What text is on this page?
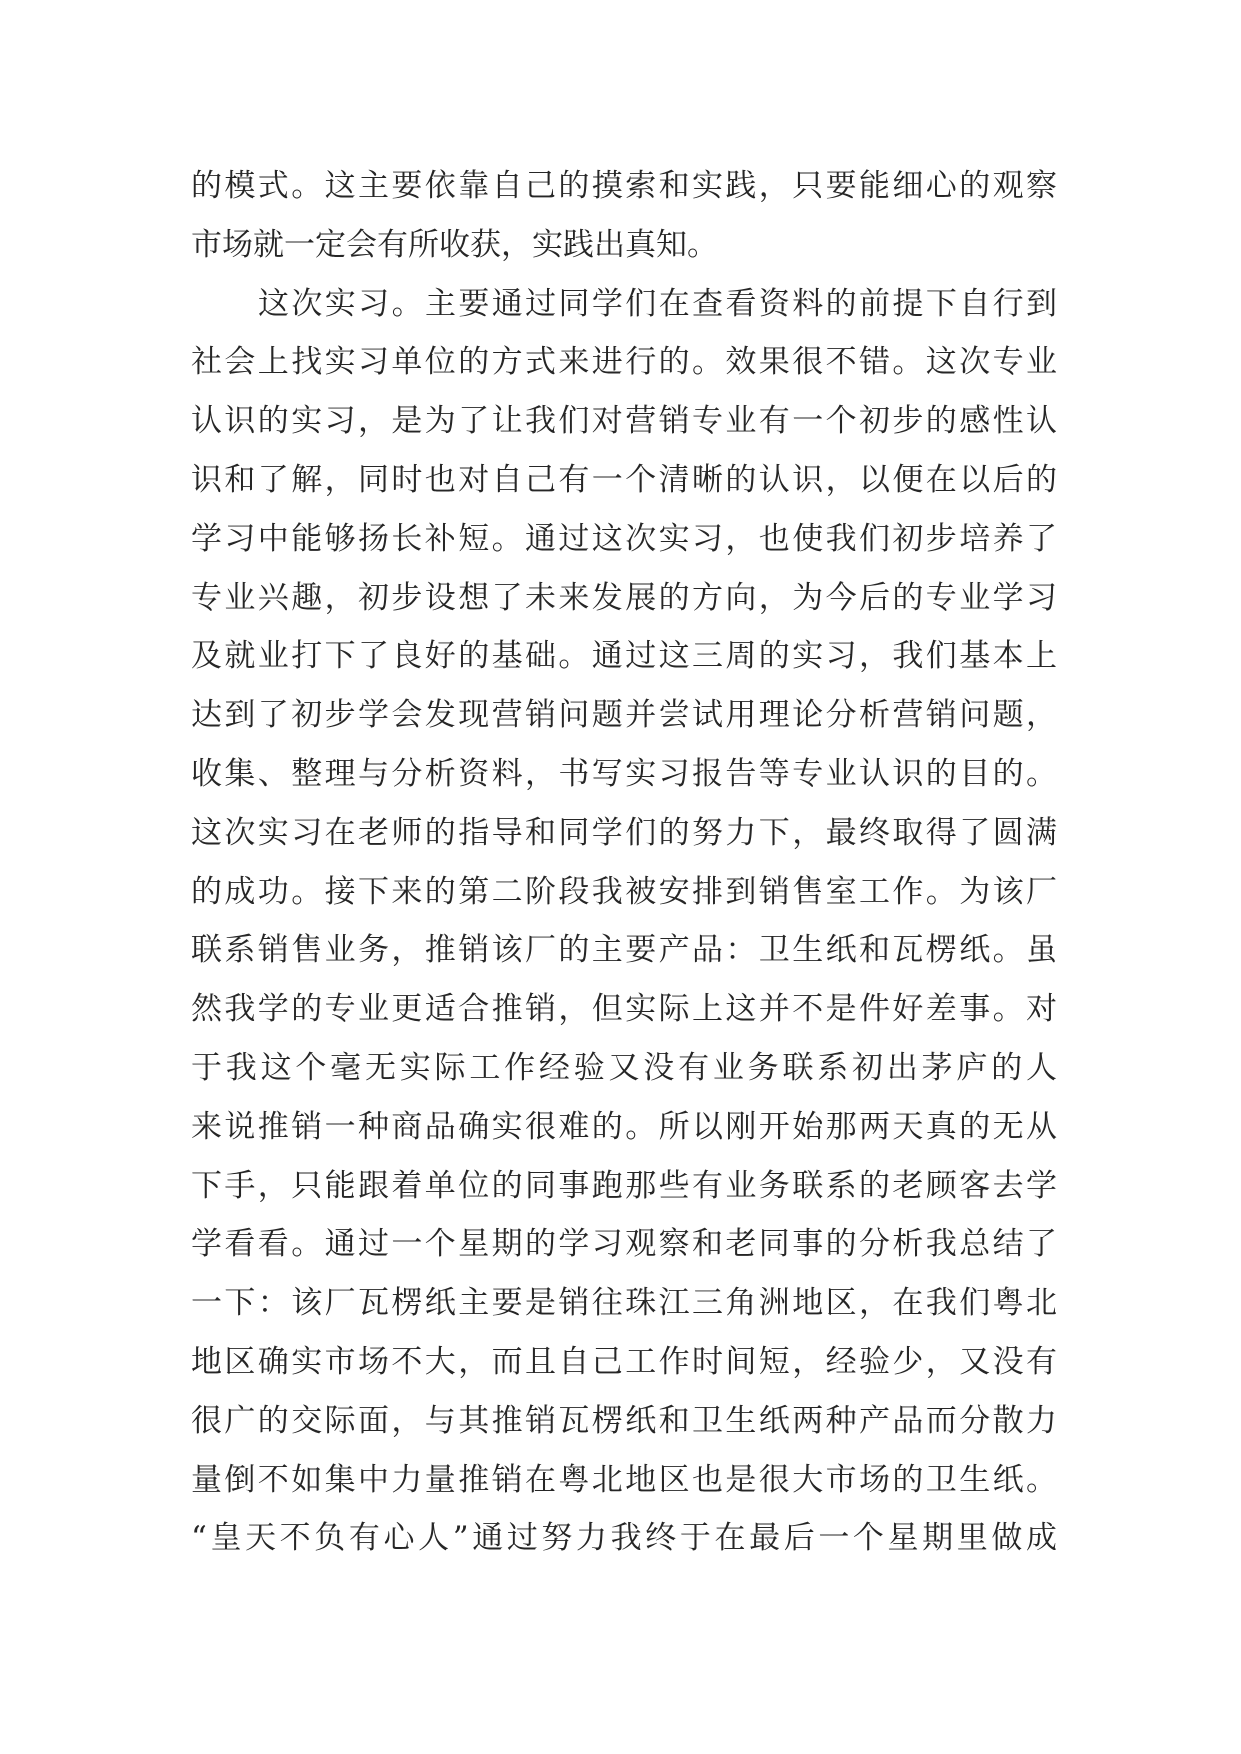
的模式。这主要依靠自己的摸索和实践，只要能细心的观察
市场就一定会有所收获，实践出真知。
这次实习。主要通过同学们在查看资料的前提下自行到
社会上找实习单位的方式来进行的。效果很不错。这次专业
认识的实习，是为了让我们对营销专业有一个初步的感性认
识和了解，同时也对自己有一个清晰的认识，以便在以后的
学习中能够扬长补短。通过这次实习，也使我们初步培养了
专业兴趣，初步设想了未来发展的方向，为今后的专业学习
及就业打下了良好的基础。通过这三周的实习，我们基本上
达到了初步学会发现营销问题并尝试用理论分析营销问题，
收集、整理与分析资料，书写实习报告等专业认识的目的。
这次实习在老师的指导和同学们的努力下，最终取得了圆满
的成功。接下来的第二阶段我被安排到销售室工作。为该厂
联系销售业务，推销该厂的主要产品：卫生纸和瓦楞纸。虽
然我学的专业更适合推销，但实际上这并不是件好差事。对
于我这个毫无实际工作经验又没有业务联系初出茅庐的人
来说推销一种商品确实很难的。所以刚开始那两天真的无从
下手，只能跟着单位的同事跑那些有业务联系的老顾客去学
学看看。通过一个星期的学习观察和老同事的分析我总结了
一下：该厂瓦楞纸主要是销往珠江三角洲地区，在我们粤北
地区确实市场不大，而且自己工作时间短，经验少，又没有
很广的交际面，与其推销瓦楞纸和卫生纸两种产品而分散力
量倒不如集中力量推销在粤北地区也是很大市场的卫生纸。
“皇天不负有心人”通过努力我终于在最后一个星期里做成
